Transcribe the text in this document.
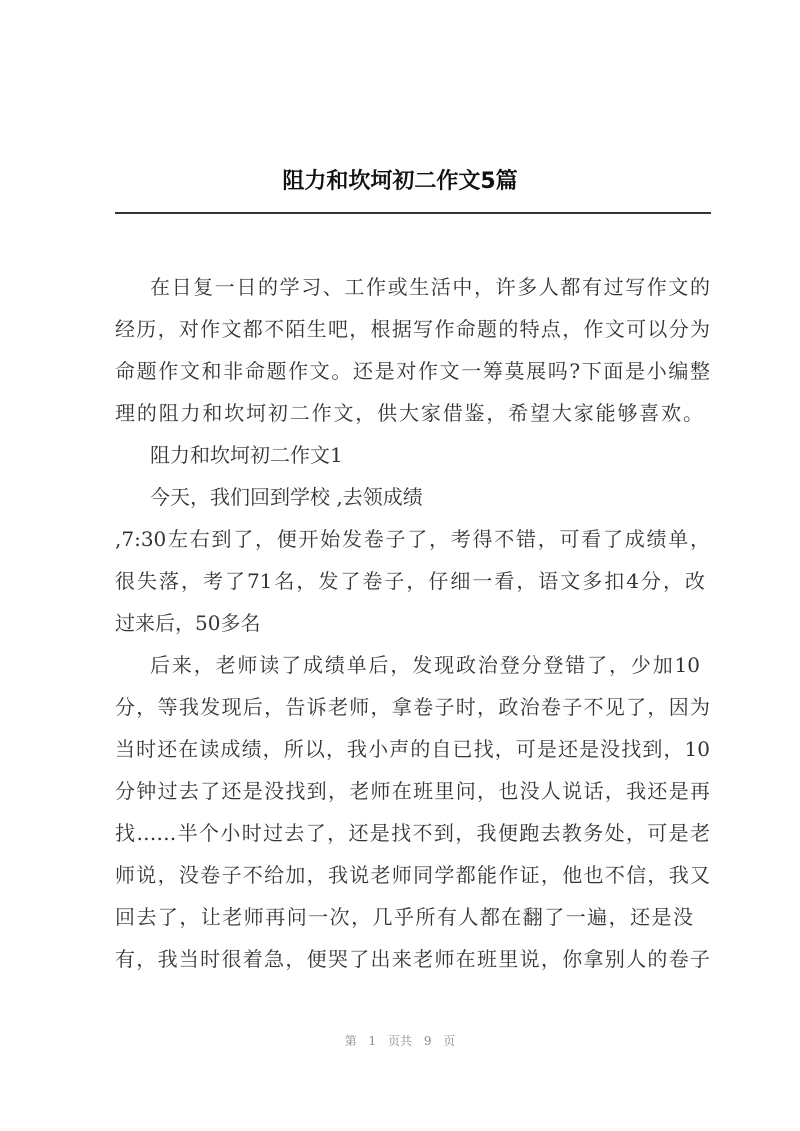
阻力和坎坷初二作文5篇
在日复一日的学习、工作或生活中，许多人都有过写作文的
经历，对作文都不陌生吧，根据写作命题的特点，作文可以分为
命题作文和非命题作文。还是对作文一筹莫展吗?下面是小编整
理的阻力和坎坷初二作文，供大家借鉴，希望大家能够喜欢。
阻力和坎坷初二作文1
今天，我们回到学校 ,去领成绩
,7:30左右到了，便开始发卷子了，考得不错，可看了成绩单，
很失落，考了71名，发了卷子，仔细一看，语文多扣4分，改
过来后，50多名
后来，老师读了成绩单后，发现政治登分登错了，少加10
分，等我发现后，告诉老师，拿卷子时，政治卷子不见了，因为
当时还在读成绩，所以，我小声的自已找，可是还是没找到，10
分钟过去了还是没找到，老师在班里问，也没人说话，我还是再
找……半个小时过去了，还是找不到，我便跑去教务处，可是老
师说，没卷子不给加，我说老师同学都能作证，他也不信，我又
回去了，让老师再问一次，几乎所有人都在翻了一遍，还是没
有，我当时很着急，便哭了出来老师在班里说，你拿别人的卷子
第 1 页共 9 页
